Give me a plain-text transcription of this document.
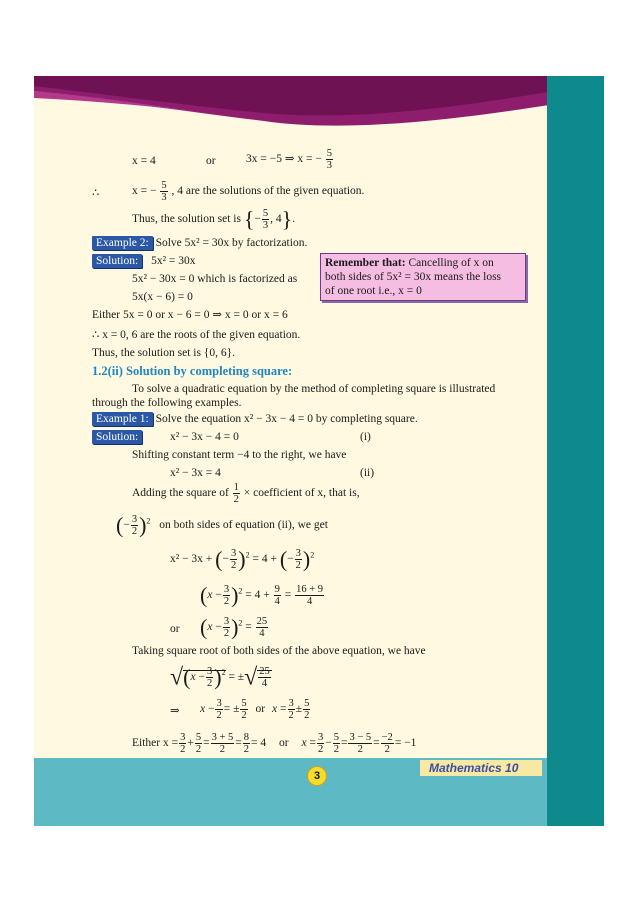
x = 4	or	3x = −5 ⇒ x = − $\frac{5}{3}$
∴	x = − $\frac{5}{3}$ , 4 are the solutions of the given equation.
Thus, the solution set is {− $\frac{5}{3}$ , 4}.
Example 2: Solve 5x² = 30x by factorization.
Solution: 5x² = 30x
5x² − 30x = 0 which is factorized as
5x(x − 6) = 0
Either 5x = 0 or x − 6 = 0 ⇒ x = 0 or x = 6
∴ x = 0, 6 are the roots of the given equation.
Thus, the solution set is {0, 6}.
Remember that: Cancelling of x on
both sides of 5x² = 30x means the loss
of one root i.e., x = 0
1.2(ii) Solution by completing square:
To solve a quadratic equation by the method of completing square is illustrated
through the following examples.
Example 1: Solve the equation x² − 3x − 4 = 0 by completing square.
Solution:	x² − 3x − 4 = 0	(i)
Shifting constant term −4 to the right, we have
x² − 3x = 4	(ii)
Adding the square of $\frac{1}{2}$ × coefficient of x, that is,
(− $\frac{3}{2} )^2$ on both sides of equation (ii), we get
x² − 3x + (− $\frac{3}{2} )^2 = 4$ + (− $\frac{3}{2} )^2$
$(x - \frac{3}{2} )^2 = 4 + \frac{9}{4} = \frac{16 + 9}{4}$
or $(x - \frac{3}{2} )^2 = \frac{25}{4}$
Taking square root of both sides of the above equation, we have
$√(x - \frac{3}{2} )^2$ = ±√ $\frac{25}{4}$
⇒ $x - \frac{3}{2}$ = ± $\frac{5}{2}$ or $x = \frac{3}{2} \pm \frac{5}{2}$
Either $x = \frac{3}{2} + \frac{5}{2} = \frac{3 + 5}{2} = \frac{8}{2} = 4$ or $x = \frac{3}{2} - \frac{5}{2} = \frac{3 - 5}{2} = \frac{-2}{2} = -1$
Mathematics 10
3
